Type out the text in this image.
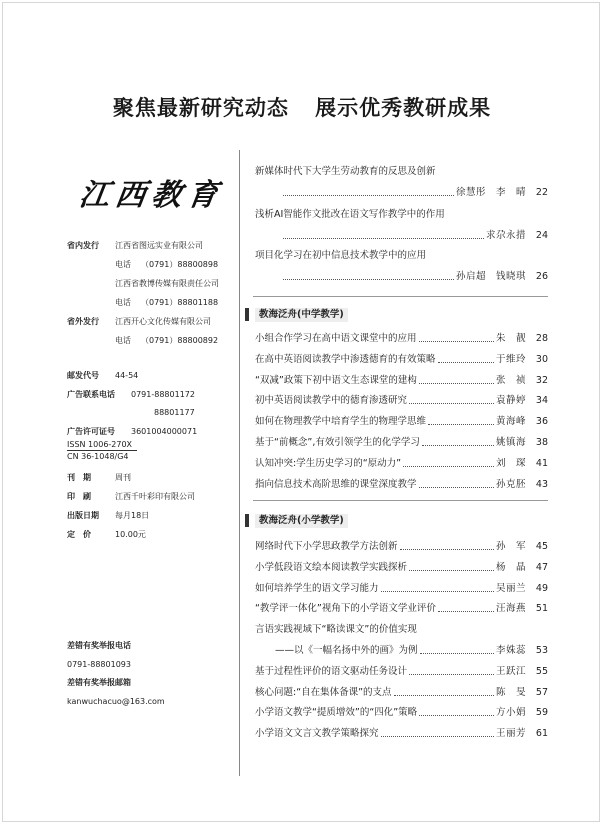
聚焦最新研究动态 展示优秀教研成果
江西教育
省内发行 江西省图远实业有限公司
电话 （0791）88800898
江西省教博传媒有限责任公司
电话 （0791）88801188
省外发行 江西开心文化传媒有限公司
电话 （0791）88800892
邮发代号 44-54
广告联系电话 0791-88801172
88801177
广告许可证号 3601004000071
ISSN 1006-270X
CN 36-1048/G4
刊　期	周刊
印　刷	江西千叶彩印有限公司
出版日期 每月18日
定　价	10.00元
差错有奖举报电话
0791-88801093
差错有奖举报邮箱
kanwuchacuo@163.com
新媒体时代下大学生劳动教育的反思及创新
徐慧彤　李　晴	22
浅析AI智能作文批改在语文写作教学中的作用
求尕永措	24
项目化学习在初中信息技术教学中的应用
孙启超　钱晓琪	26
教海泛舟(中学教学)
小组合作学习在高中语文课堂中的应用	朱　靓	28
在高中英语阅读教学中渗透德育的有效策略	于维玲	30
“双减”政策下初中语文生态课堂的建构	张　祯	32
初中英语阅读教学中的德育渗透研究	袁静婷	34
如何在物理教学中培育学生的物理学思维	黄海峰	36
基于“前概念”,有效引领学生的化学学习	姚镇海	38
认知冲突:学生历史学习的“原动力”	刘　琛	41
指向信息技术高阶思维的课堂深度教学	孙克胚	43
教海泛舟(小学教学)
网络时代下小学思政教学方法创新	孙　军	45
小学低段语文绘本阅读教学实践探析	杨　晶	47
如何培养学生的语文学习能力	吴丽兰	49
“教学评一体化”视角下的小学语文学业评价	汪海燕	51
言语实践视域下“略读课文”的价值实现
——以《一幅名扬中外的画》为例	李姝蕊	53
基于过程性评价的语文驱动任务设计	王跃江	55
核心问题:“自在集体备课”的支点	陈　旻	57
小学语文教学“提质增效”的“四化”策略	方小娟	59
小学语文文言文教学策略探究	王丽芳	61
